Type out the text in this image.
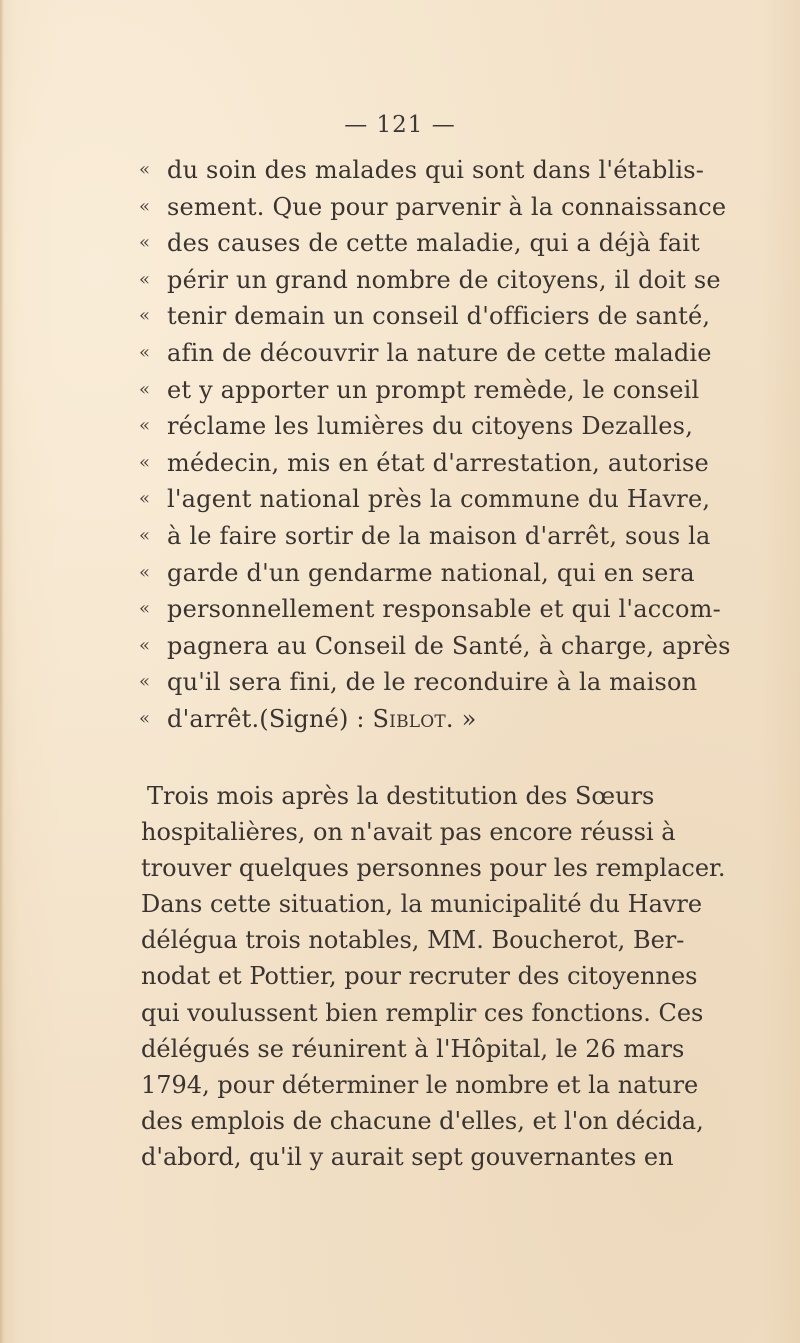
— 121 —
« du soin des malades qui sont dans l'établis-
« sement. Que pour parvenir à la connaissance
« des causes de cette maladie, qui a déjà fait
« périr un grand nombre de citoyens, il doit se
« tenir demain un conseil d'officiers de santé,
« afin de découvrir la nature de cette maladie
« et y apporter un prompt remède, le conseil
« réclame les lumières du citoyens Dezalles,
« médecin, mis en état d'arrestation, autorise
« l'agent national près la commune du Havre,
« à le faire sortir de la maison d'arrêt, sous la
« garde d'un gendarme national, qui en sera
« personnellement responsable et qui l'accom-
« pagnera au Conseil de Santé, à charge, après
« qu'il sera fini, de le reconduire à la maison
« d'arrêt.(Signé) : Siblot. »
Trois mois après la destitution des Sœurs
hospitalières, on n'avait pas encore réussi à
trouver quelques personnes pour les remplacer.
Dans cette situation, la municipalité du Havre
délégua trois notables, MM. Boucherot, Ber-
nodat et Pottier, pour recruter des citoyennes
qui voulussent bien remplir ces fonctions. Ces
délégués se réunirent à l'Hôpital, le 26 mars
1794, pour déterminer le nombre et la nature
des emplois de chacune d'elles, et l'on décida,
d'abord, qu'il y aurait sept gouvernantes en
